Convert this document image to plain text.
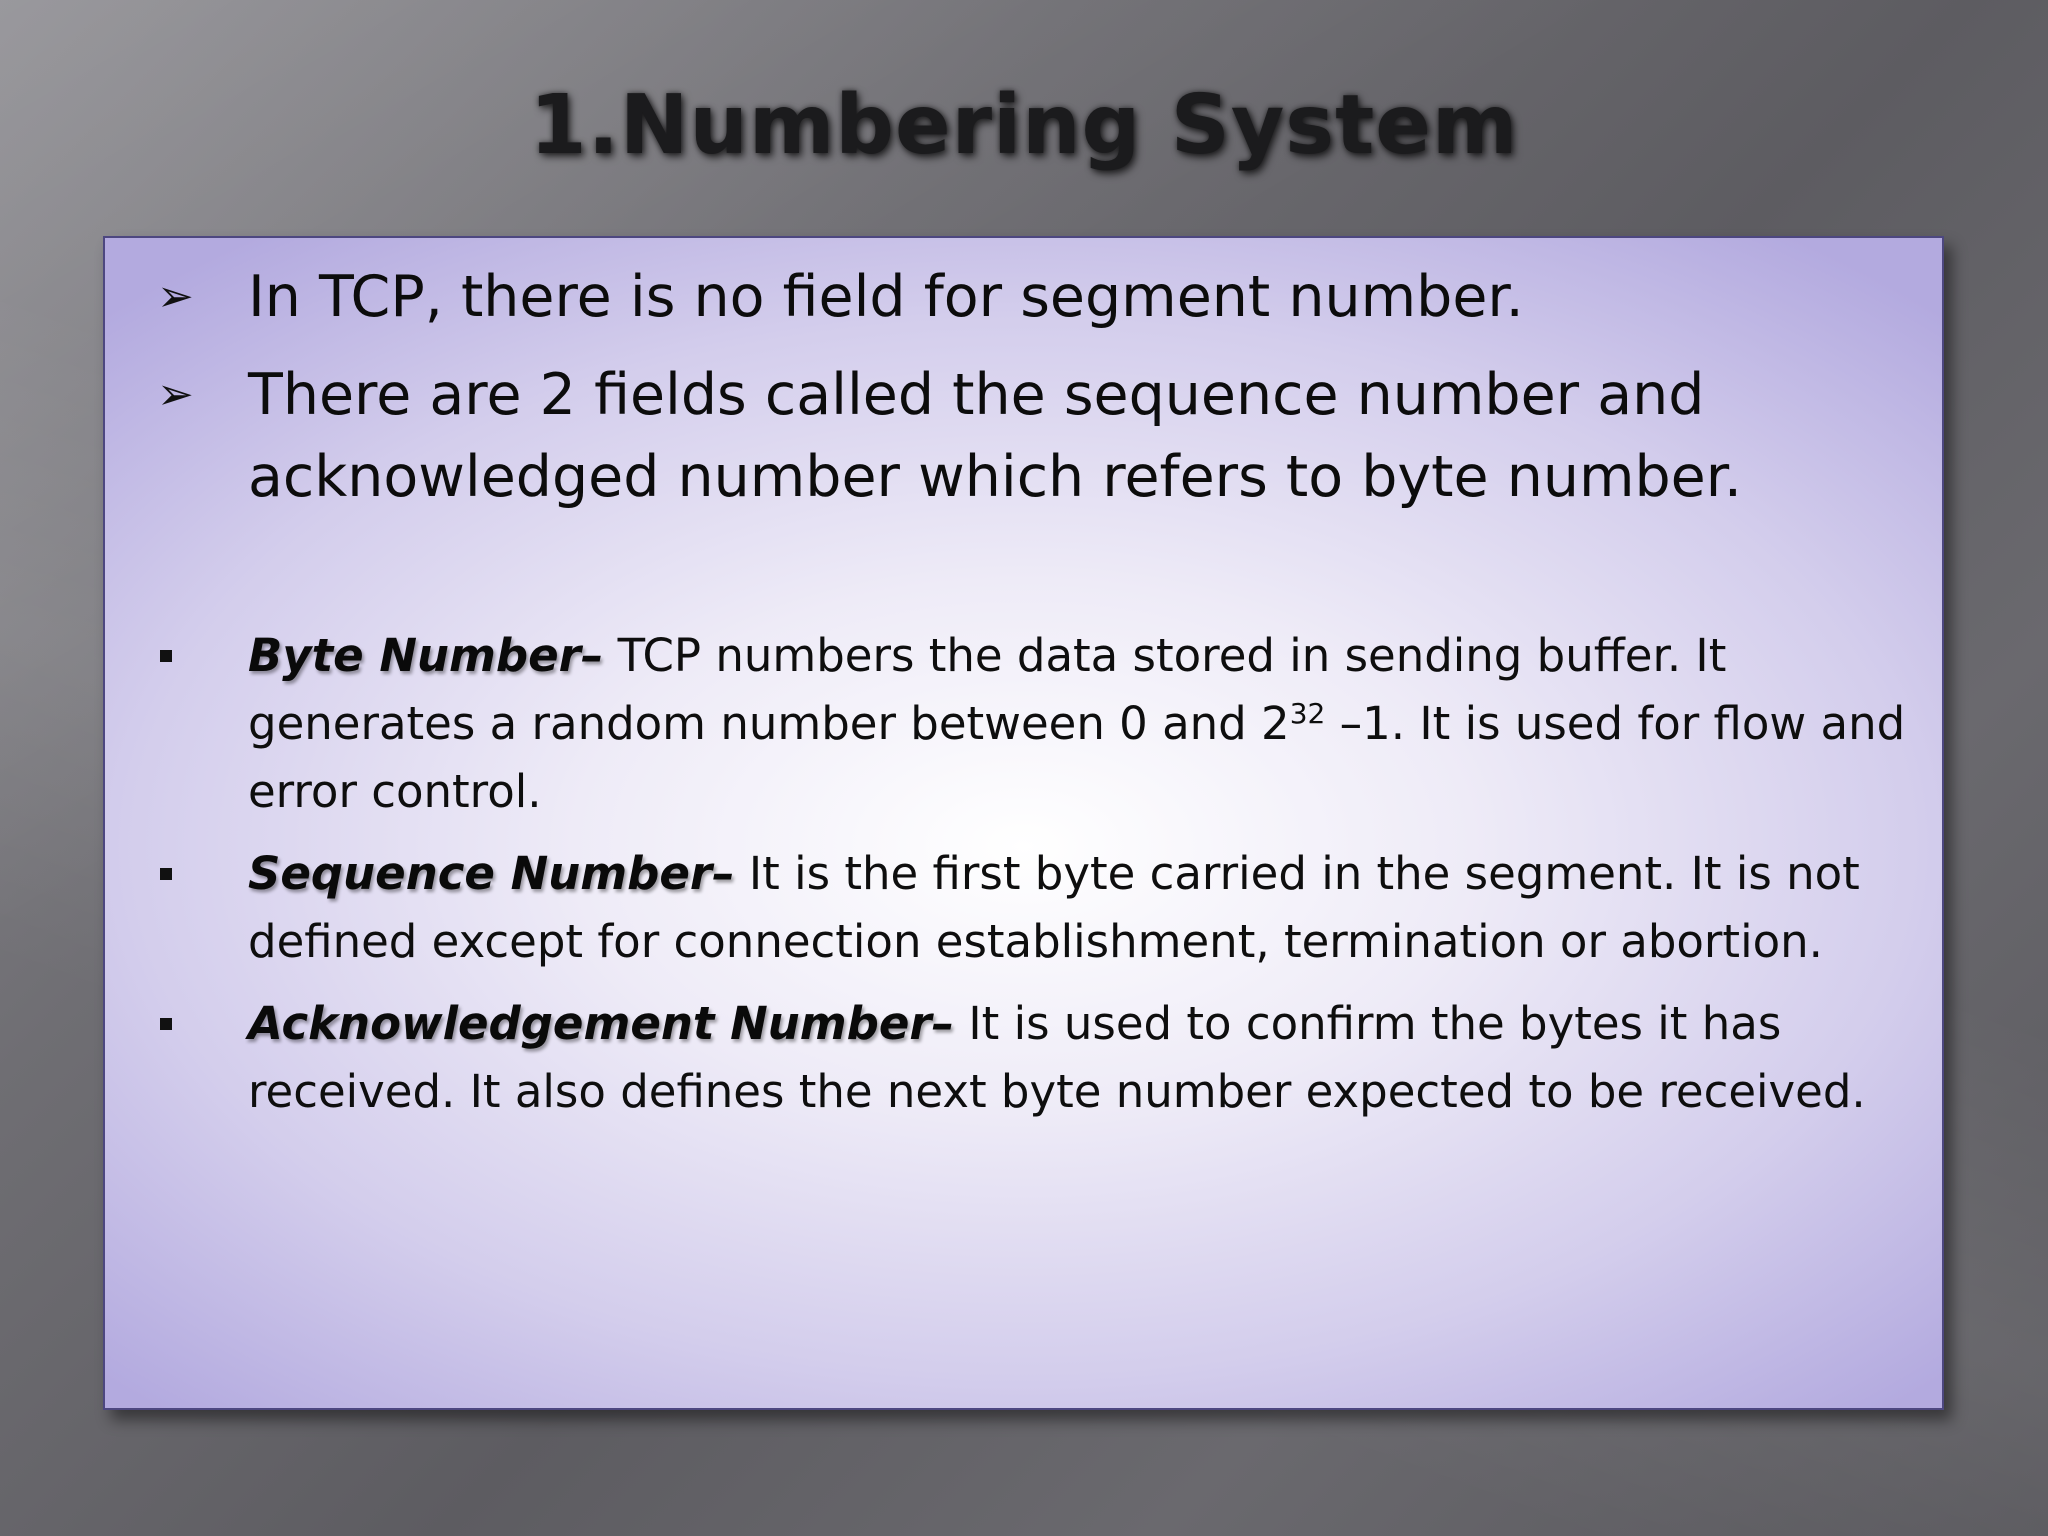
1.Numbering System
➢ In TCP, there is no field for segment number.
➢ There are 2 fields called the sequence number and acknowledged number which refers to byte number.
Byte Number– TCP numbers the data stored in sending buffer. It generates a random number between 0 and $2^{32}$ –1. It is used for flow and error control.
Sequence Number– It is the first byte carried in the segment. It is not defined except for connection establishment, termination or abortion.
Acknowledgement Number– It is used to confirm the bytes it has received. It also defines the next byte number expected to be received.
